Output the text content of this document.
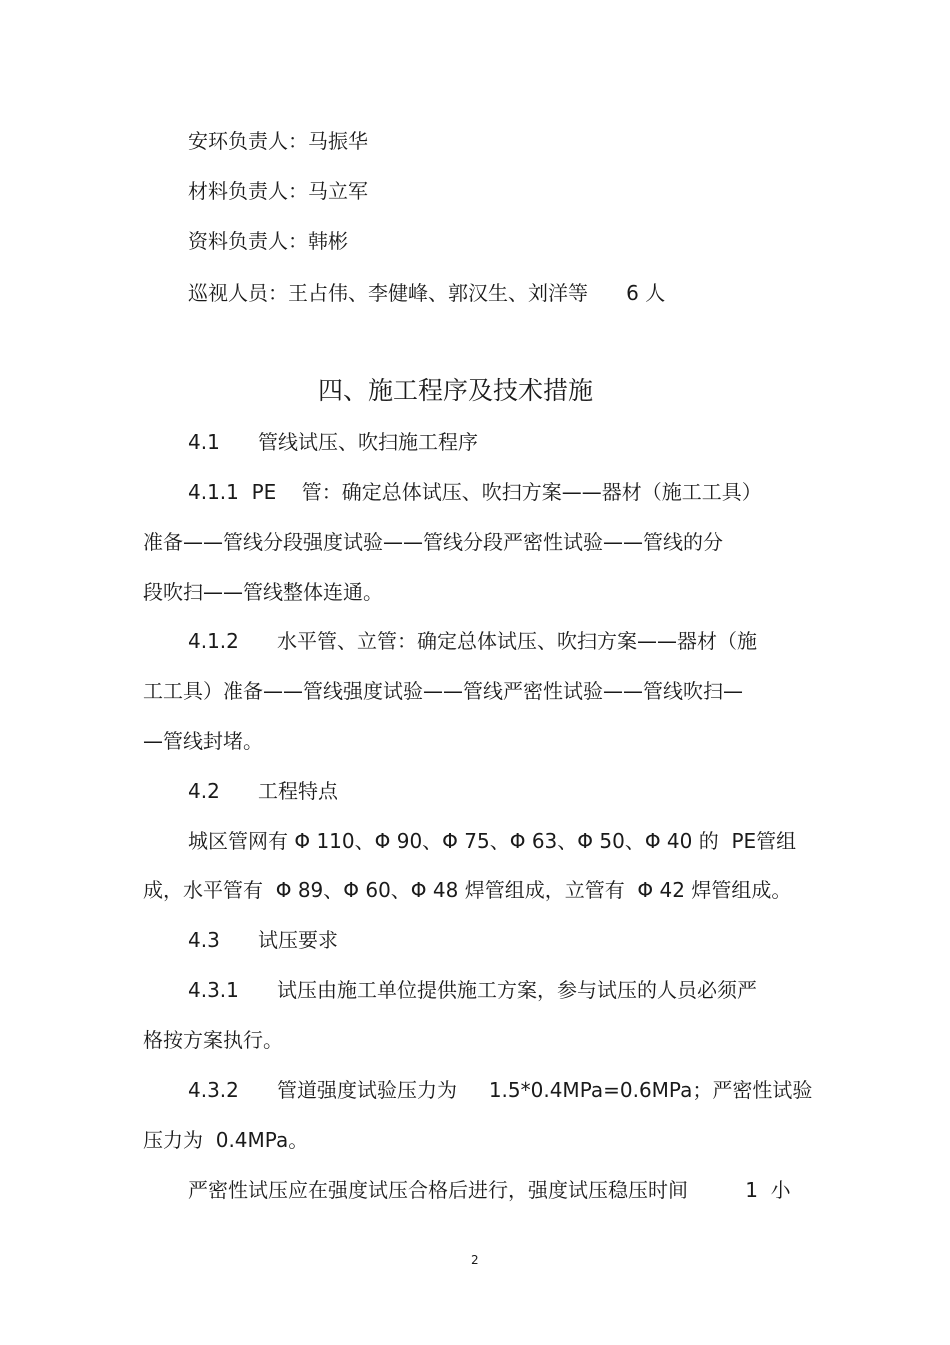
安环负责人：马振华
材料负责人：马立军
资料负责人：韩彬
巡视人员：王占伟、李健峰、郭汉生、刘洋等      6 人
四、施工程序及技术措施
4.1      管线试压、吹扫施工程序
4.1.1  PE    管：确定总体试压、吹扫方案——器材（施工工具）
准备——管线分段强度试验——管线分段严密性试验——管线的分
段吹扫——管线整体连通。
4.1.2      水平管、立管：确定总体试压、吹扫方案——器材（施
工工具）准备——管线强度试验——管线严密性试验——管线吹扫—
—管线封堵。
4.2      工程特点
城区管网有 Φ 110、Φ 90、Φ 75、Φ 63、Φ 50、Φ 40 的  PE管组
成，水平管有  Φ 89、Φ 60、Φ 48 焊管组成，立管有  Φ 42 焊管组成。
4.3      试压要求
4.3.1      试压由施工单位提供施工方案，参与试压的人员必须严
格按方案执行。
4.3.2      管道强度试验压力为     1.5*0.4MPa=0.6MPa；严密性试验
压力为  0.4MPa。
严密性试压应在强度试压合格后进行，强度试压稳压时间         1  小
2
